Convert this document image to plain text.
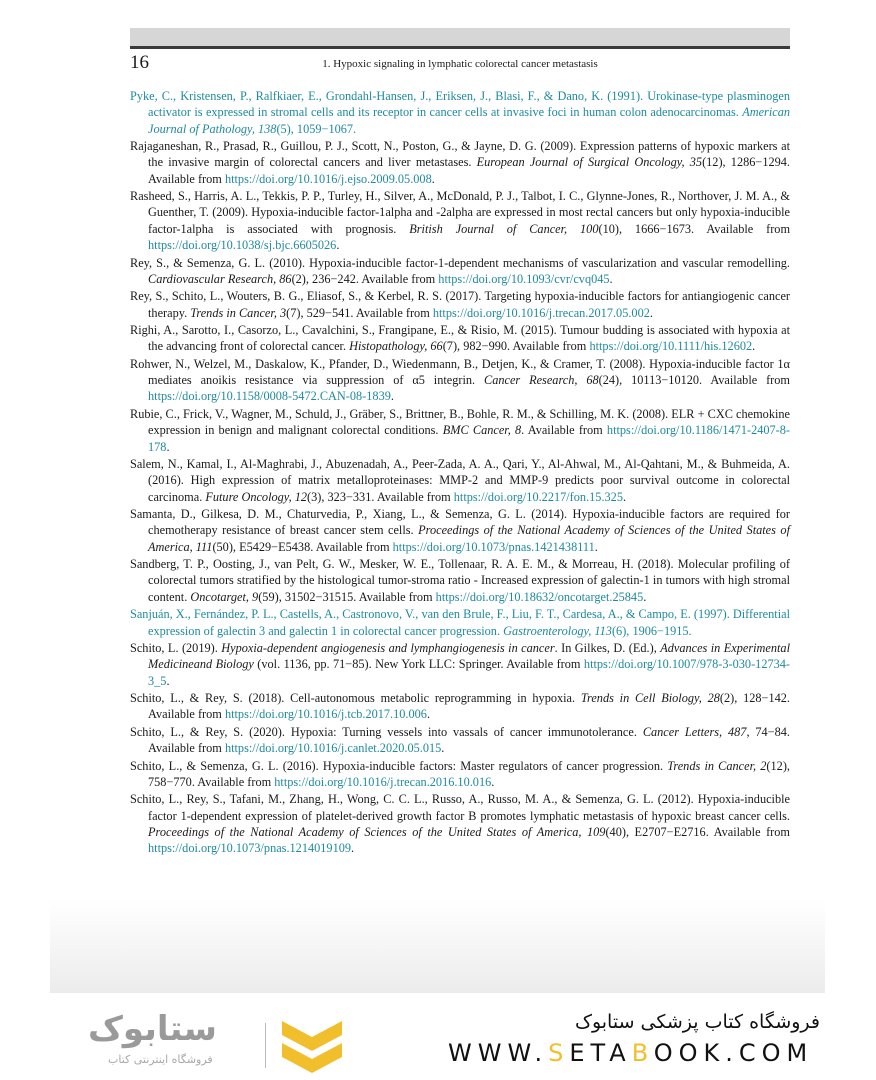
16	1. Hypoxic signaling in lymphatic colorectal cancer metastasis

Pyke, C., Kristensen, P., Ralfkiaer, E., Grondahl-Hansen, J., Eriksen, J., Blasi, F., & Dano, K. (1991). Urokinase-type plasminogen activator is expressed in stromal cells and its receptor in cancer cells at invasive foci in human colon adenocarcinomas. American Journal of Pathology, 138(5), 1059−1067.

Rajaganeshan, R., Prasad, R., Guillou, P. J., Scott, N., Poston, G., & Jayne, D. G. (2009). Expression patterns of hypoxic markers at the invasive margin of colorectal cancers and liver metastases. European Journal of Surgical Oncology, 35(12), 1286−1294. Available from https://doi.org/10.1016/j.ejso.2009.05.008.

Rasheed, S., Harris, A. L., Tekkis, P. P., Turley, H., Silver, A., McDonald, P. J., Talbot, I. C., Glynne-Jones, R., Northover, J. M. A., & Guenther, T. (2009). Hypoxia-inducible factor-1alpha and -2alpha are expressed in most rectal cancers but only hypoxia-inducible factor-1alpha is associated with prognosis. British Journal of Cancer, 100(10), 1666−1673. Available from https://doi.org/10.1038/sj.bjc.6605026.

Rey, S., & Semenza, G. L. (2010). Hypoxia-inducible factor-1-dependent mechanisms of vascularization and vascular remodelling. Cardiovascular Research, 86(2), 236−242. Available from https://doi.org/10.1093/cvr/cvq045.

Rey, S., Schito, L., Wouters, B. G., Eliasof, S., & Kerbel, R. S. (2017). Targeting hypoxia-inducible factors for antiangiogenic cancer therapy. Trends in Cancer, 3(7), 529−541. Available from https://doi.org/10.1016/j.trecan.2017.05.002.

Righi, A., Sarotto, I., Casorzo, L., Cavalchini, S., Frangipane, E., & Risio, M. (2015). Tumour budding is associated with hypoxia at the advancing front of colorectal cancer. Histopathology, 66(7), 982−990. Available from https://doi.org/10.1111/his.12602.

Rohwer, N., Welzel, M., Daskalow, K., Pfander, D., Wiedenmann, B., Detjen, K., & Cramer, T. (2008). Hypoxia-inducible factor 1α mediates anoikis resistance via suppression of α5 integrin. Cancer Research, 68(24), 10113−10120. Available from https://doi.org/10.1158/0008-5472.CAN-08-1839.

Rubie, C., Frick, V., Wagner, M., Schuld, J., Gräber, S., Brittner, B., Bohle, R. M., & Schilling, M. K. (2008). ELR + CXC chemokine expression in benign and malignant colorectal conditions. BMC Cancer, 8. Available from https://doi.org/10.1186/1471-2407-8-178.

Salem, N., Kamal, I., Al-Maghrabi, J., Abuzenadah, A., Peer-Zada, A. A., Qari, Y., Al-Ahwal, M., Al-Qahtani, M., & Buhmeida, A. (2016). High expression of matrix metalloproteinases: MMP-2 and MMP-9 predicts poor survival outcome in colorectal carcinoma. Future Oncology, 12(3), 323−331. Available from https://doi.org/10.2217/fon.15.325.

Samanta, D., Gilkesa, D. M., Chaturvedia, P., Xiang, L., & Semenza, G. L. (2014). Hypoxia-inducible factors are required for chemotherapy resistance of breast cancer stem cells. Proceedings of the National Academy of Sciences of the United States of America, 111(50), E5429−E5438. Available from https://doi.org/10.1073/pnas.1421438111.

Sandberg, T. P., Oosting, J., van Pelt, G. W., Mesker, W. E., Tollenaar, R. A. E. M., & Morreau, H. (2018). Molecular profiling of colorectal tumors stratified by the histological tumor-stroma ratio - Increased expression of galectin-1 in tumors with high stromal content. Oncotarget, 9(59), 31502−31515. Available from https://doi.org/10.18632/oncotarget.25845.

Sanjuán, X., Fernández, P. L., Castells, A., Castronovo, V., van den Brule, F., Liu, F. T., Cardesa, A., & Campo, E. (1997). Differential expression of galectin 3 and galectin 1 in colorectal cancer progression. Gastroenterology, 113(6), 1906−1915.

Schito, L. (2019). Hypoxia-dependent angiogenesis and lymphangiogenesis in cancer. In Gilkes, D. (Ed.), Advances in Experimental Medicineand Biology (vol. 1136, pp. 71−85). New York LLC: Springer. Available from https://doi.org/10.1007/978-3-030-12734-3_5.

Schito, L., & Rey, S. (2018). Cell-autonomous metabolic reprogramming in hypoxia. Trends in Cell Biology, 28(2), 128−142. Available from https://doi.org/10.1016/j.tcb.2017.10.006.

Schito, L., & Rey, S. (2020). Hypoxia: Turning vessels into vassals of cancer immunotolerance. Cancer Letters, 487, 74−84. Available from https://doi.org/10.1016/j.canlet.2020.05.015.

Schito, L., & Semenza, G. L. (2016). Hypoxia-inducible factors: Master regulators of cancer progression. Trends in Cancer, 2(12), 758−770. Available from https://doi.org/10.1016/j.trecan.2016.10.016.

Schito, L., Rey, S., Tafani, M., Zhang, H., Wong, C. C. L., Russo, A., Russo, M. A., & Semenza, G. L. (2012). Hypoxia-inducible factor 1-dependent expression of platelet-derived growth factor B promotes lymphatic metastasis of hypoxic breast cancer cells. Proceedings of the National Academy of Sciences of the United States of America, 109(40), E2707−E2716. Available from https://doi.org/10.1073/pnas.1214019109.

ستابوک
فروشگاه اینترنتی کتاب
فروشگاه کتاب پزشکی ستابوک
WWW.SETABOOK.COM
